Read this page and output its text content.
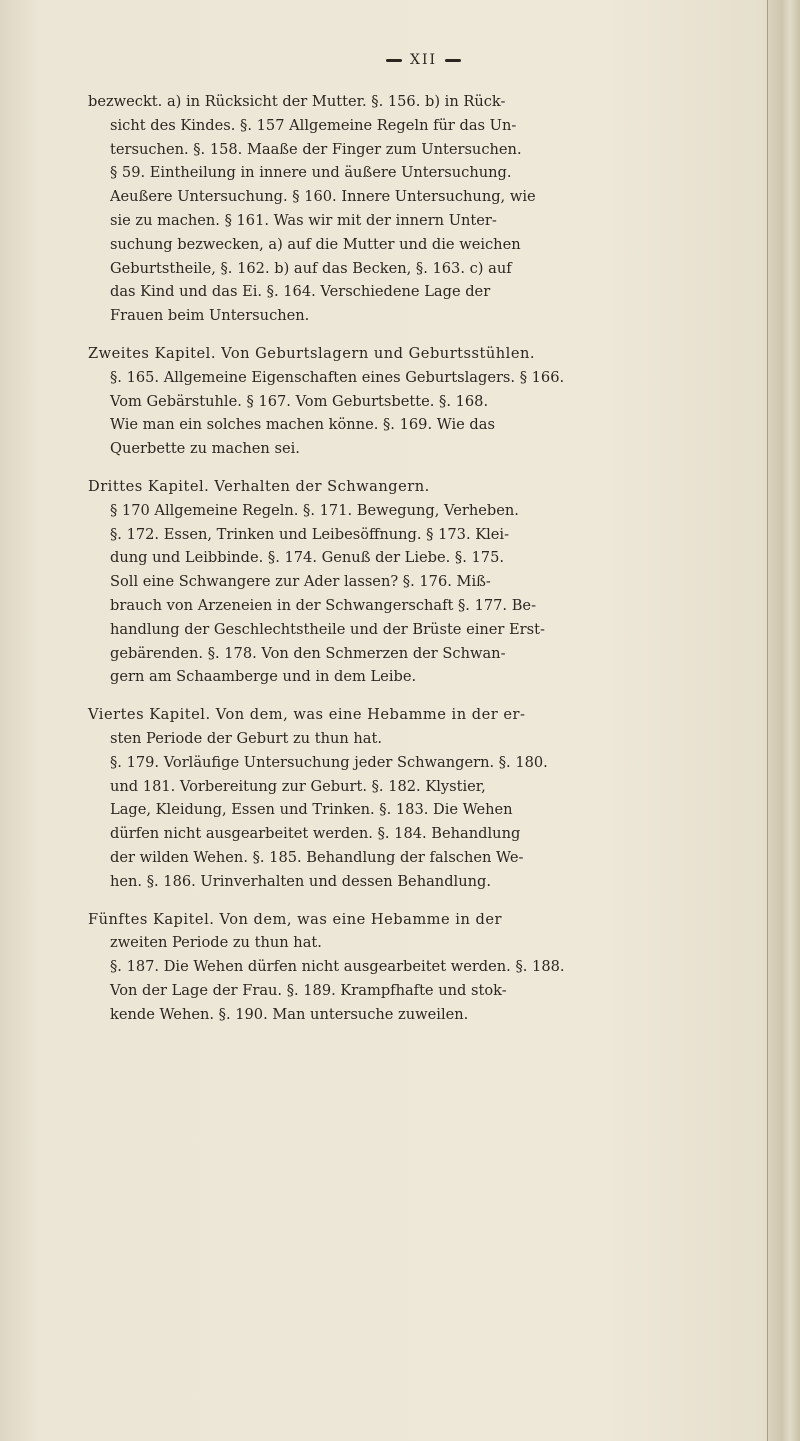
XII
bezweckt. a) in Rücksicht der Mutter. §. 156. b) in Rück-
sicht des Kindes. §. 157 Allgemeine Regeln für das Un-
tersuchen. §. 158. Maaße der Finger zum Untersuchen.
§ 59. Eintheilung in innere und äußere Untersuchung.
Aeußere Untersuchung. § 160. Innere Untersuchung, wie
sie zu machen. § 161. Was wir mit der innern Unter-
suchung bezwecken, a) auf die Mutter und die weichen
Geburtstheile, §. 162. b) auf das Becken, §. 163. c) auf
das Kind und das Ei. §. 164. Verschiedene Lage der
Frauen beim Untersuchen.
Zweites Kapitel. Von Geburtslagern und Geburtsstühlen.
§. 165. Allgemeine Eigenschaften eines Geburtslagers. § 166.
Vom Gebärstuhle. § 167. Vom Geburtsbette. §. 168.
Wie man ein solches machen könne. §. 169. Wie das
Querbette zu machen sei.
Drittes Kapitel. Verhalten der Schwangern.
§ 170 Allgemeine Regeln. §. 171. Bewegung, Verheben.
§. 172. Essen, Trinken und Leibesöffnung. § 173. Klei-
dung und Leibbinde. §. 174. Genuß der Liebe. §. 175.
Soll eine Schwangere zur Ader lassen? §. 176. Miß-
brauch von Arzeneien in der Schwangerschaft §. 177. Be-
handlung der Geschlechtstheile und der Brüste einer Erst-
gebärenden. §. 178. Von den Schmerzen der Schwan-
gern am Schaamberge und in dem Leibe.
Viertes Kapitel. Von dem, was eine Hebamme in der er-
sten Periode der Geburt zu thun hat.
§. 179. Vorläufige Untersuchung jeder Schwangern. §. 180.
und 181. Vorbereitung zur Geburt. §. 182. Klystier,
Lage, Kleidung, Essen und Trinken. §. 183. Die Wehen
dürfen nicht ausgearbeitet werden. §. 184. Behandlung
der wilden Wehen. §. 185. Behandlung der falschen We-
hen. §. 186. Urinverhalten und dessen Behandlung.
Fünftes Kapitel. Von dem, was eine Hebamme in der
zweiten Periode zu thun hat.
§. 187. Die Wehen dürfen nicht ausgearbeitet werden. §. 188.
Von der Lage der Frau. §. 189. Krampfhafte und stok-
kende Wehen. §. 190. Man untersuche zuweilen.
